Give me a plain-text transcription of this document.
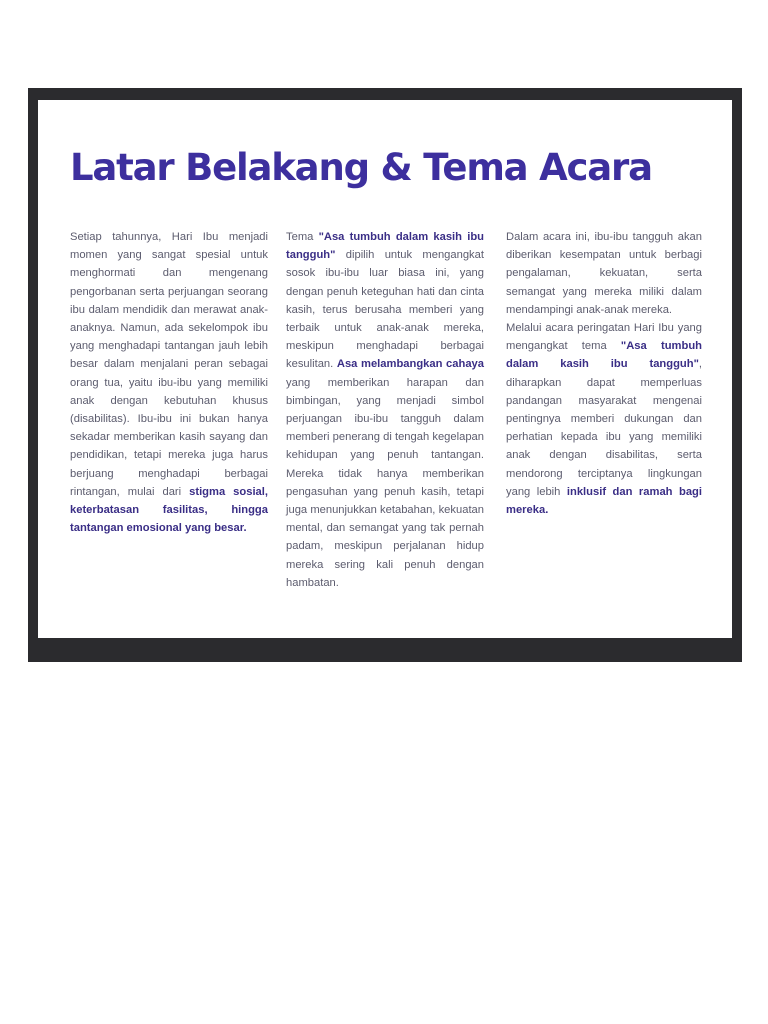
Latar Belakang & Tema Acara

Setiap tahunnya, Hari Ibu menjadi momen yang sangat spesial untuk menghormati dan mengenang pengorbanan serta perjuangan seorang ibu dalam mendidik dan merawat anak-anaknya. Namun, ada sekelompok ibu yang menghadapi tantangan jauh lebih besar dalam menjalani peran sebagai orang tua, yaitu ibu-ibu yang memiliki anak dengan kebutuhan khusus (disabilitas). Ibu-ibu ini bukan hanya sekadar memberikan kasih sayang dan pendidikan, tetapi mereka juga harus berjuang menghadapi berbagai rintangan, mulai dari stigma sosial, keterbatasan fasilitas, hingga tantangan emosional yang besar.

Tema "Asa tumbuh dalam kasih ibu tangguh" dipilih untuk mengangkat sosok ibu-ibu luar biasa ini, yang dengan penuh keteguhan hati dan cinta kasih, terus berusaha memberi yang terbaik untuk anak-anak mereka, meskipun menghadapi berbagai kesulitan. Asa melambangkan cahaya yang memberikan harapan dan bimbingan, yang menjadi simbol perjuangan ibu-ibu tangguh dalam memberi penerang di tengah kegelapan kehidupan yang penuh tantangan. Mereka tidak hanya memberikan pengasuhan yang penuh kasih, tetapi juga menunjukkan ketabahan, kekuatan mental, dan semangat yang tak pernah padam, meskipun perjalanan hidup mereka sering kali penuh dengan hambatan.

Dalam acara ini, ibu-ibu tangguh akan diberikan kesempatan untuk berbagi pengalaman, kekuatan, serta semangat yang mereka miliki dalam mendampingi anak-anak mereka.

Melalui acara peringatan Hari Ibu yang mengangkat tema "Asa tumbuh dalam kasih ibu tangguh", diharapkan dapat memperluas pandangan masyarakat mengenai pentingnya memberi dukungan dan perhatian kepada ibu yang memiliki anak dengan disabilitas, serta mendorong terciptanya lingkungan yang lebih inklusif dan ramah bagi mereka.
